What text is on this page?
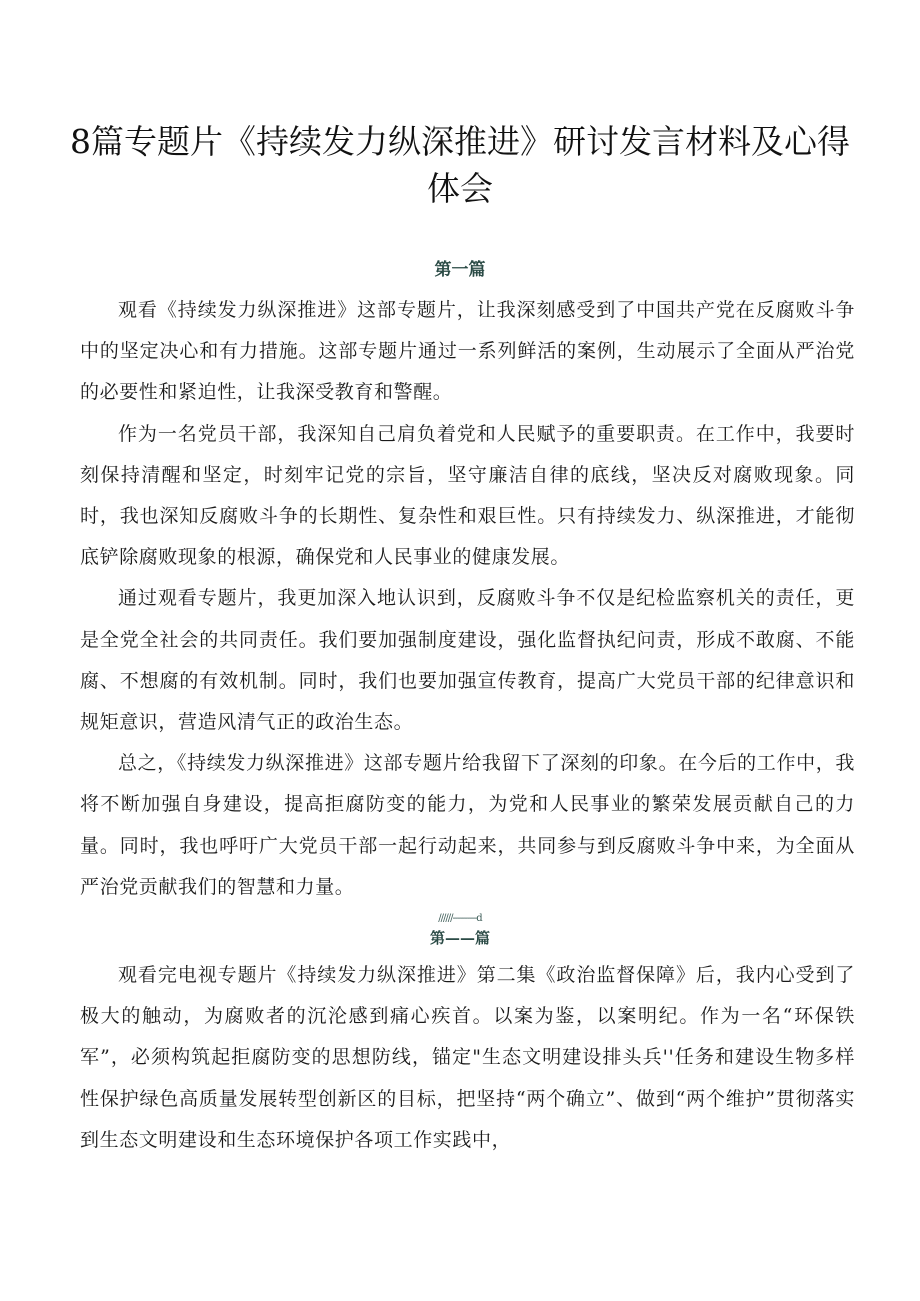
8篇专题片《持续发力纵深推进》研讨发言材料及心得体会
第一篇

观看《持续发力纵深推进》这部专题片，让我深刻感受到了中国共产党在反腐败斗争中的坚定决心和有力措施。这部专题片通过一系列鲜活的案例，生动展示了全面从严治党的必要性和紧迫性，让我深受教育和警醒。

作为一名党员干部，我深知自己肩负着党和人民赋予的重要职责。在工作中，我要时刻保持清醒和坚定，时刻牢记党的宗旨，坚守廉洁自律的底线，坚决反对腐败现象。同时，我也深知反腐败斗争的长期性、复杂性和艰巨性。只有持续发力、纵深推进，才能彻底铲除腐败现象的根源，确保党和人民事业的健康发展。

通过观看专题片，我更加深入地认识到，反腐败斗争不仅是纪检监察机关的责任，更是全党全社会的共同责任。我们要加强制度建设，强化监督执纪问责，形成不敢腐、不能腐、不想腐的有效机制。同时，我们也要加强宣传教育，提高广大党员干部的纪律意识和规矩意识，营造风清气正的政治生态。

总之，《持续发力纵深推进》这部专题片给我留下了深刻的印象。在今后的工作中，我将不断加强自身建设，提高拒腐防变的能力，为党和人民事业的繁荣发展贡献自己的力量。同时，我也呼吁广大党员干部一起行动起来，共同参与到反腐败斗争中来，为全面从严治党贡献我们的智慧和力量。

//////----------d
第——篇

观看完电视专题片《持续发力纵深推进》第二集《政治监督保障》后，我内心受到了极大的触动，为腐败者的沉沦感到痛心疾首。以案为鉴，以案明纪。作为一名“环保铁军”，必须构筑起拒腐防变的思想防线，锚定"生态文明建设排头兵''任务和建设生物多样性保护绿色高质量发展转型创新区的目标，把坚持“两个确立”、做到“两个维护”贯彻落实到生态文明建设和生态环境保护各项工作实践中，
